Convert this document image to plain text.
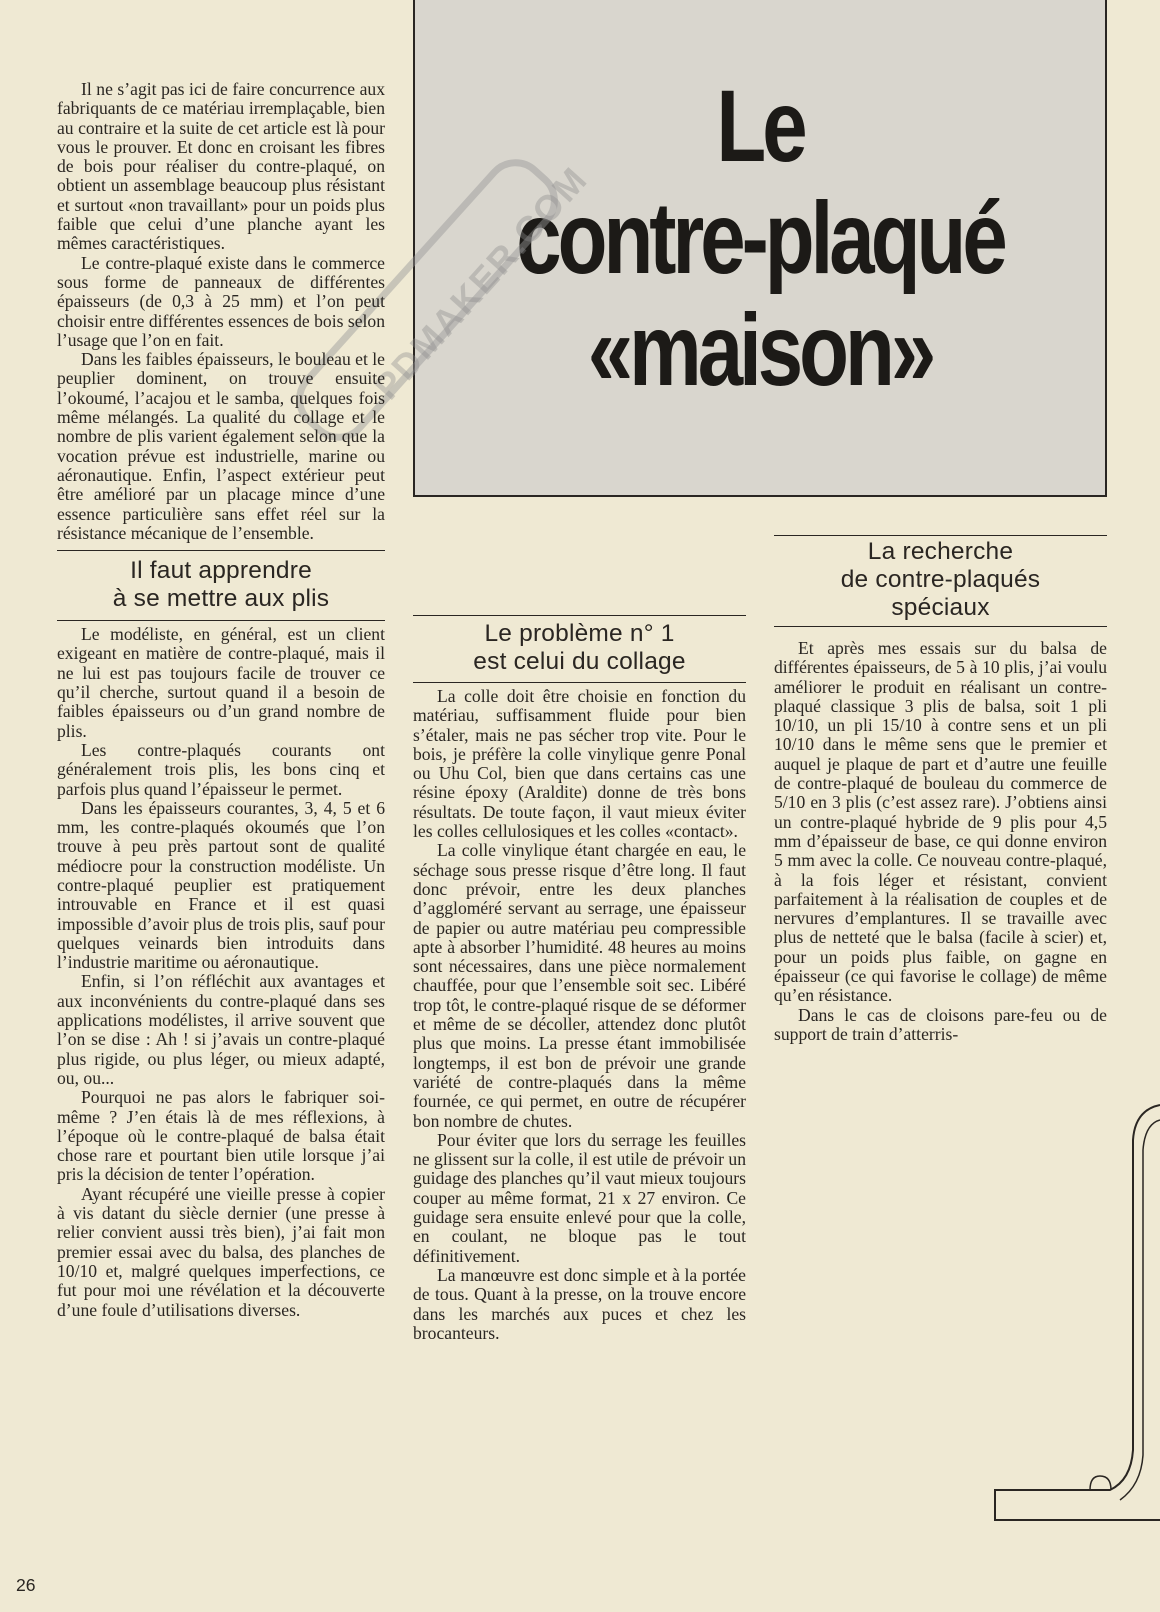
Le
contre-plaqué
«maison»
PDMAKER.COM

Il ne s’agit pas ici de faire concurrence aux fabriquants de ce matériau irremplaçable, bien au contraire et la suite de cet article est là pour vous le prouver. Et donc en croisant les fibres de bois pour réaliser du contre-plaqué, on obtient un assemblage beaucoup plus résistant et surtout «non travaillant» pour un poids plus faible que celui d’une planche ayant les mêmes caractéristiques.

Le contre-plaqué existe dans le commerce sous forme de panneaux de différentes épaisseurs (de 0,3 à 25 mm) et l’on peut choisir entre différentes essences de bois selon l’usage que l’on en fait.

Dans les faibles épaisseurs, le bouleau et le peuplier dominent, on trouve ensuite l’okoumé, l’acajou et le samba, quelques fois même mélangés. La qualité du collage et le nombre de plis varient également selon que la vocation prévue est industrielle, marine ou aéronautique. Enfin, l’aspect extérieur peut être amélioré par un placage mince d’une essence particulière sans effet réel sur la résistance mécanique de l’ensemble.

Il faut apprendre
à se mettre aux plis

Le modéliste, en général, est un client exigeant en matière de contre-plaqué, mais il ne lui est pas toujours facile de trouver ce qu’il cherche, surtout quand il a besoin de faibles épaisseurs ou d’un grand nombre de plis.

Les contre-plaqués courants ont généralement trois plis, les bons cinq et parfois plus quand l’épaisseur le permet.

Dans les épaisseurs courantes, 3, 4, 5 et 6 mm, les contre-plaqués okoumés que l’on trouve à peu près partout sont de qualité médiocre pour la construction modéliste. Un contre-plaqué peuplier est pratiquement introuvable en France et il est quasi impossible d’avoir plus de trois plis, sauf pour quelques veinards bien introduits dans l’industrie maritime ou aéronautique.

Enfin, si l’on réfléchit aux avantages et aux inconvénients du contre-plaqué dans ses applications modélistes, il arrive souvent que l’on se dise : Ah ! si j’avais un contre-plaqué plus rigide, ou plus léger, ou mieux adapté, ou, ou...

Pourquoi ne pas alors le fabriquer soi-même ? J’en étais là de mes réflexions, à l’époque où le contre-plaqué de balsa était chose rare et pourtant bien utile lorsque j’ai pris la décision de tenter l’opération.

Ayant récupéré une vieille presse à copier à vis datant du siècle dernier (une presse à relier convient aussi très bien), j’ai fait mon premier essai avec du balsa, des planches de 10/10 et, malgré quelques imperfections, ce fut pour moi une révélation et la découverte d’une foule d’utilisations diverses.

Le problème n° 1
est celui du collage

La colle doit être choisie en fonction du matériau, suffisamment fluide pour bien s’étaler, mais ne pas sécher trop vite. Pour le bois, je préfère la colle vinylique genre Ponal ou Uhu Col, bien que dans certains cas une résine époxy (Araldite) donne de très bons résultats. De toute façon, il vaut mieux éviter les colles cellulosiques et les colles «contact».

La colle vinylique étant chargée en eau, le séchage sous presse risque d’être long. Il faut donc prévoir, entre les deux planches d’aggloméré servant au serrage, une épaisseur de papier ou autre matériau peu compressible apte à absorber l’humidité. 48 heures au moins sont nécessaires, dans une pièce normalement chauffée, pour que l’ensemble soit sec. Libéré trop tôt, le contre-plaqué risque de se déformer et même de se décoller, attendez donc plutôt plus que moins. La presse étant immobilisée longtemps, il est bon de prévoir une grande variété de contre-plaqués dans la même fournée, ce qui permet, en outre de récupérer bon nombre de chutes.

Pour éviter que lors du serrage les feuilles ne glissent sur la colle, il est utile de prévoir un guidage des planches qu’il vaut mieux toujours couper au même format, 21 x 27 environ. Ce guidage sera ensuite enlevé pour que la colle, en coulant, ne bloque pas le tout définitivement.

La manœuvre est donc simple et à la portée de tous. Quant à la presse, on la trouve encore dans les marchés aux puces et chez les brocanteurs.

La recherche
de contre-plaqués
spéciaux

Et après mes essais sur du balsa de différentes épaisseurs, de 5 à 10 plis, j’ai voulu améliorer le produit en réalisant un contre-plaqué classique 3 plis de balsa, soit 1 pli 10/10, un pli 15/10 à contre sens et un pli 10/10 dans le même sens que le premier et auquel je plaque de part et d’autre une feuille de contre-plaqué de bouleau du commerce de 5/10 en 3 plis (c’est assez rare). J’obtiens ainsi un contre-plaqué hybride de 9 plis pour 4,5 mm d’épaisseur de base, ce qui donne environ 5 mm avec la colle. Ce nouveau contre-plaqué, à la fois léger et résistant, convient parfaitement à la réalisation de couples et de nervures d’emplantures. Il se travaille avec plus de netteté que le balsa (facile à scier) et, pour un poids plus faible, on gagne en épaisseur (ce qui favorise le collage) de même qu’en résistance.

Dans le cas de cloisons pare-feu ou de support de train d’atterris-

26
